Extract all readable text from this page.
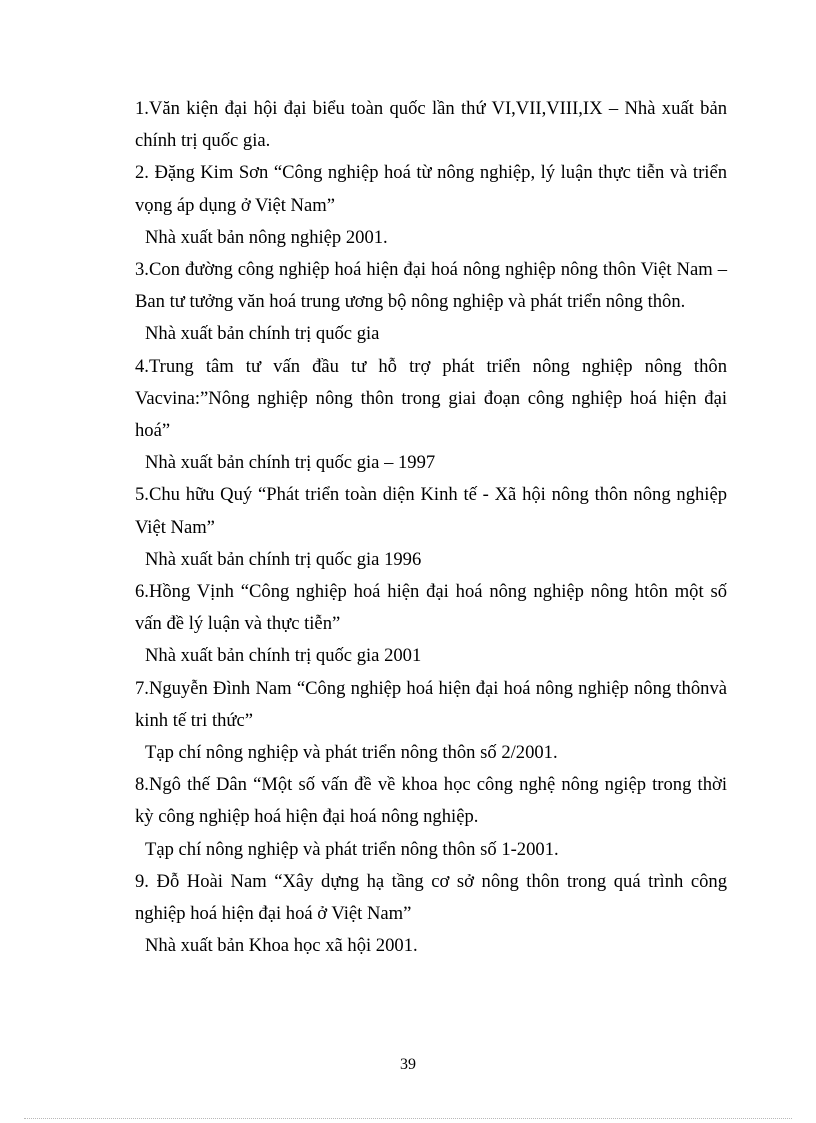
1.Văn kiện đại hội đại biểu toàn quốc lần thứ VI,VII,VIII,IX – Nhà xuất bản chính trị quốc gia.

2. Đặng Kim Sơn “Công nghiệp hoá từ nông nghiệp, lý luận thực tiễn và triển vọng áp dụng ở Việt Nam”

Nhà xuất bản nông nghiệp 2001.

3.Con đường công nghiệp hoá hiện đại hoá nông nghiệp nông thôn Việt Nam – Ban tư tưởng văn hoá trung ương bộ nông nghiệp và phát triển nông thôn.

Nhà xuất bản chính trị quốc gia

4.Trung tâm tư vấn đầu tư hỗ trợ phát triển nông nghiệp nông thôn Vacvina:”Nông nghiệp nông thôn trong giai đoạn công nghiệp hoá hiện đại hoá”

Nhà xuất bản chính trị quốc gia – 1997

5.Chu hữu Quý “Phát triển toàn diện Kinh tế - Xã hội nông thôn nông nghiệp Việt Nam”

Nhà xuất bản chính trị quốc gia 1996

6.Hồng Vịnh “Công nghiệp hoá hiện đại hoá nông nghiệp nông htôn một số vấn đề lý luận và thực tiễn”

Nhà xuất bản chính trị quốc gia 2001

7.Nguyễn Đình Nam “Công nghiệp hoá hiện đại hoá nông nghiệp nông thônvà kinh tế tri thức”

Tạp chí nông nghiệp và phát triển nông thôn số 2/2001.

8.Ngô thế Dân “Một số vấn đề về khoa học công nghệ nông ngiệp trong thời kỳ công nghiệp hoá hiện đại hoá nông nghiệp.

Tạp chí nông nghiệp và phát triển nông thôn số 1-2001.

9. Đỗ Hoài Nam “Xây dựng hạ tầng cơ sở nông thôn trong quá trình công nghiệp hoá hiện đại hoá ở Việt Nam”

Nhà xuất bản Khoa học xã hội 2001.

39
